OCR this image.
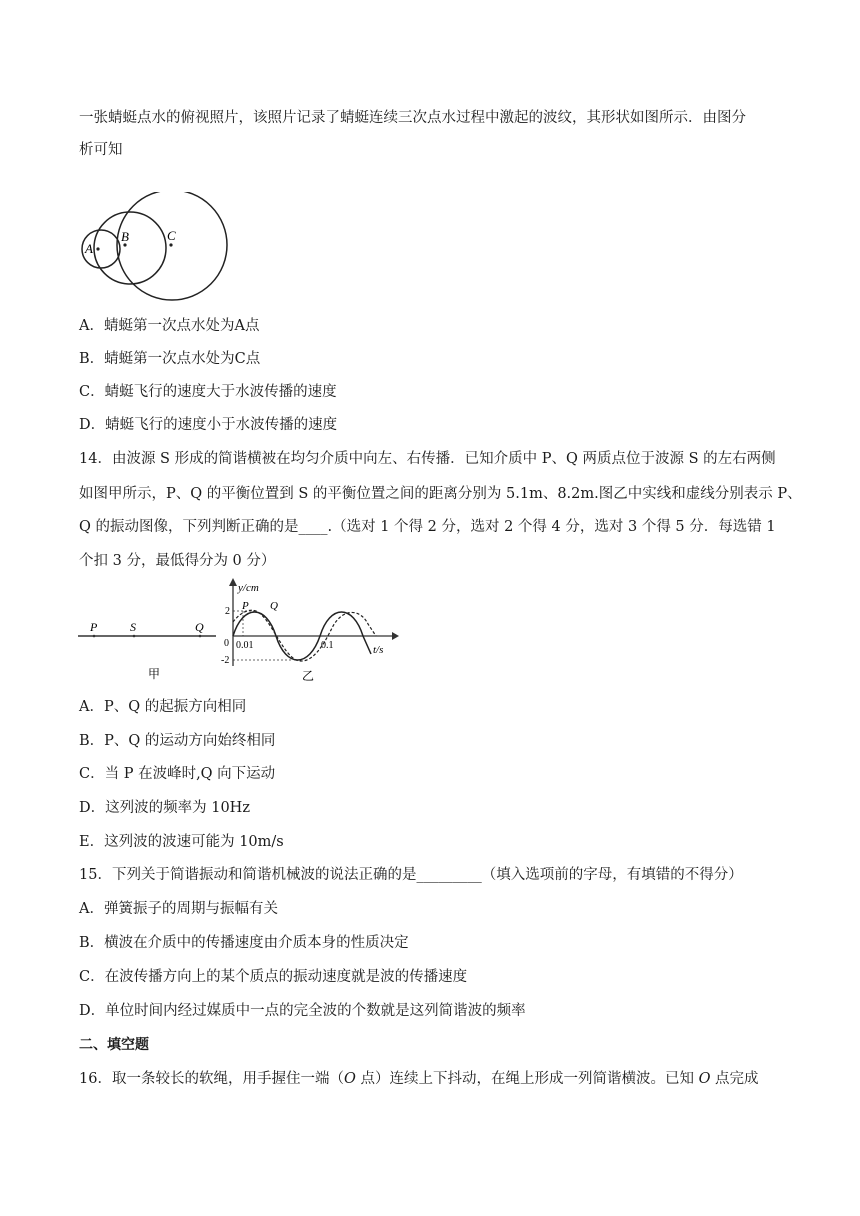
一张蜻蜓点水的俯视照片，该照片记录了蜻蜓连续三次点水过程中激起的波纹，其形状如图所示．由图分
析可知
A
B	C
A．蜻蜓第一次点水处为A点
B．蜻蜓第一次点水处为C点
C．蜻蜓飞行的速度大于水波传播的速度
D．蜻蜓飞行的速度小于水波传播的速度
14．由波源 S 形成的简谐横被在均匀介质中向左、右传播．已知介质中 P、Q 两质点位于波源 S 的左右两侧
如图甲所示，P、Q 的平衡位置到 S 的平衡位置之间的距离分别为 5.1m、8.2m.图乙中实线和虚线分别表示 P、
Q 的振动图像，下列判断正确的是____.（选对 1 个得 2 分，选对 2 个得 4 分，选对 3 个得 5 分．每选错 1
个扣 3 分，最低得分为 0 分）
P	S	Q
甲
y/cm
2
-2
0 0.01	0.1	t/s
P Q
乙
A．P、Q 的起振方向相同
B．P、Q 的运动方向始终相同
C．当 P 在波峰时,Q 向下运动
D．这列波的频率为 10Hz
E．这列波的波速可能为 10m/s
15．下列关于简谐振动和简谐机械波的说法正确的是_________（填入选项前的字母，有填错的不得分）
A．弹簧振子的周期与振幅有关
B．横波在介质中的传播速度由介质本身的性质决定
C．在波传播方向上的某个质点的振动速度就是波的传播速度
D．单位时间内经过媒质中一点的完全波的个数就是这列简谐波的频率
二、填空题
16．取一条较长的软绳，用手握住一端（O 点）连续上下抖动，在绳上形成一列简谐横波。已知 O 点完成
